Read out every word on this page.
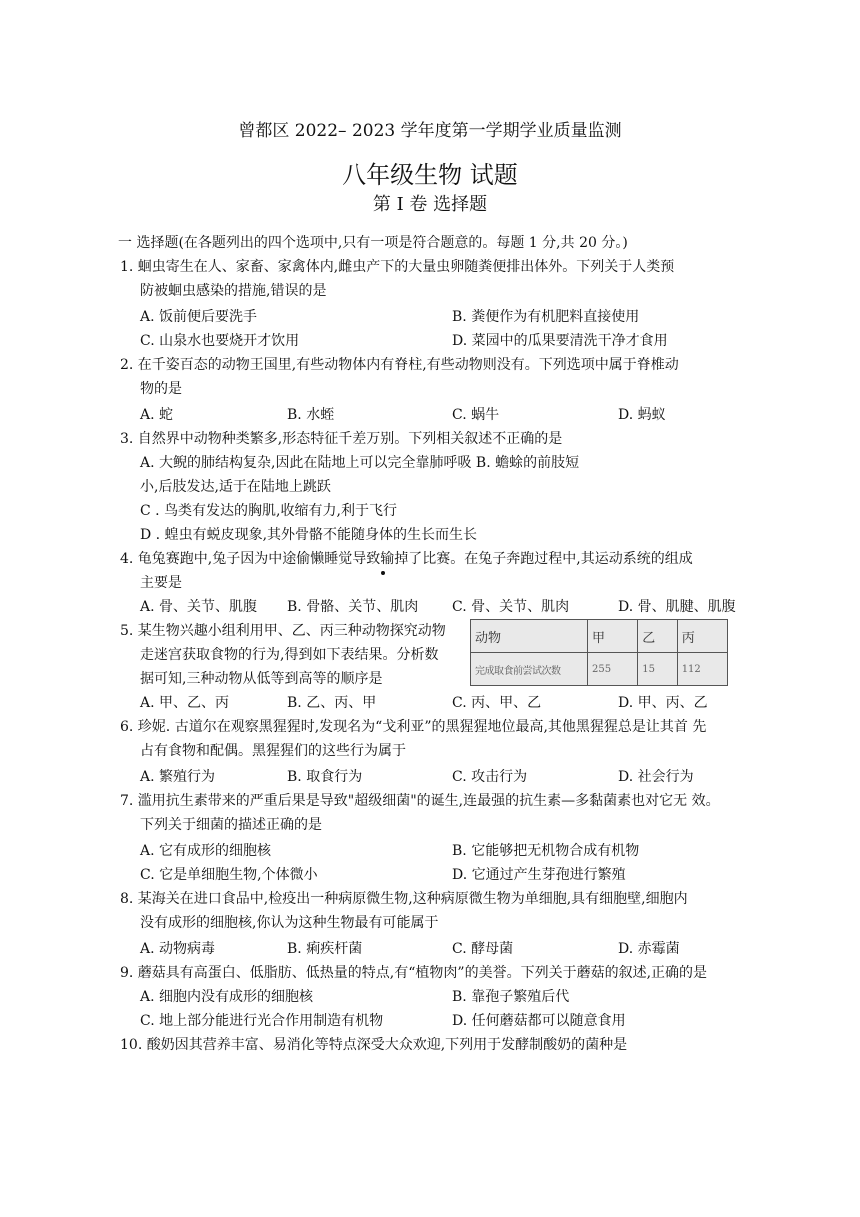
曾都区 2022– 2023 学年度第一学期学业质量监测
八年级生物 试题
第 I 卷 选择题
一 选择题(在各题列出的四个选项中,只有一项是符合题意的。每题 1 分,共 20 分。)
1. 蛔虫寄生在人、家畜、家禽体内,雌虫产下的大量虫卵随粪便排出体外。下列关于人类预
防被蛔虫感染的措施,错误的是
A. 饭前便后要洗手	B. 粪便作为有机肥料直接使用
C. 山泉水也要烧开才饮用	D. 菜园中的瓜果要清洗干净才食用
2. 在千姿百态的动物王国里,有些动物体内有脊柱,有些动物则没有。下列选项中属于脊椎动
物的是
A. 蛇	B. 水蛭	C. 蜗牛	D. 蚂蚁
3. 自然界中动物种类繁多,形态特征千差万别。下列相关叙述不正确的是
A. 大鲵的肺结构复杂,因此在陆地上可以完全靠肺呼吸 B. 蟾蜍的前肢短
小,后肢发达,适于在陆地上跳跃
C . 鸟类有发达的胸肌,收缩有力,利于飞行
D . 蝗虫有蜕皮现象,其外骨骼不能随身体的生长而生长
4. 龟兔赛跑中,兔子因为中途偷懒睡觉导致输掉了比赛。在兔子奔跑过程中,其运动系统的组成
主要是
A. 骨、关节、肌腹 B. 骨骼、关节、肌肉 C. 骨、关节、肌肉	D. 骨、肌腱、肌腹
5. 某生物兴趣小组利用甲、乙、丙三种动物探究动物
走迷宫获取食物的行为,得到如下表结果。分析数
据可知,三种动物从低等到高等的顺序是
动物	甲	乙	丙
完成取食前尝试次数	255	15	112
A. 甲、乙、丙	B. 乙、丙、甲	C. 丙、甲、乙	D. 甲、丙、乙
6. 珍妮. 古道尔在观察黑猩猩时,发现名为“戈利亚”的黑猩猩地位最高,其他黑猩猩总是让其首 先
占有食物和配偶。黑猩猩们的这些行为属于
A. 繁殖行为	B. 取食行为	C. 攻击行为	D. 社会行为
7. 滥用抗生素带来的严重后果是导致"超级细菌"的诞生,连最强的抗生素—多黏菌素也对它无 效。
下列关于细菌的描述正确的是
A. 它有成形的细胞核	B. 它能够把无机物合成有机物
C. 它是单细胞生物,个体微小	D. 它通过产生芽孢进行繁殖
8. 某海关在进口食品中,检疫出一种病原微生物,这种病原微生物为单细胞,具有细胞壁,细胞内
没有成形的细胞核,你认为这种生物最有可能属于
A. 动物病毒	B. 痢疾杆菌	C. 酵母菌	D. 赤霉菌
9. 蘑菇具有高蛋白、低脂肪、低热量的特点,有“植物肉”的美誉。下列关于蘑菇的叙述,正确的是
A. 细胞内没有成形的细胞核	B. 靠孢子繁殖后代
C. 地上部分能进行光合作用制造有机物	D. 任何蘑菇都可以随意食用
10. 酸奶因其营养丰富、易消化等特点深受大众欢迎,下列用于发酵制酸奶的菌种是
